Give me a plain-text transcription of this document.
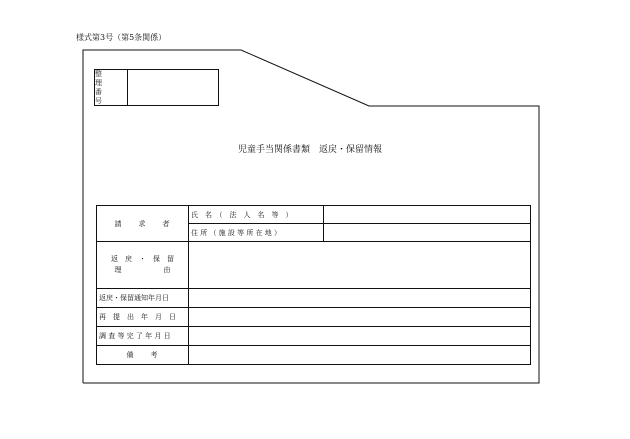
様式第3号（第5条関係）
整　理
番　号
児童手当関係書類　返戻・保留情報
請　　求　　者	氏　名　（　法　人　名　等　）	
	住 所 （ 施 設 等 所 在 地 ）	

返　戻　・　保　留
理　　　　　　由		

返戻・保留通知年月日		
再　提　出　年　月　日		
調 査 等 完 了 年 月 日		
備　　考		
